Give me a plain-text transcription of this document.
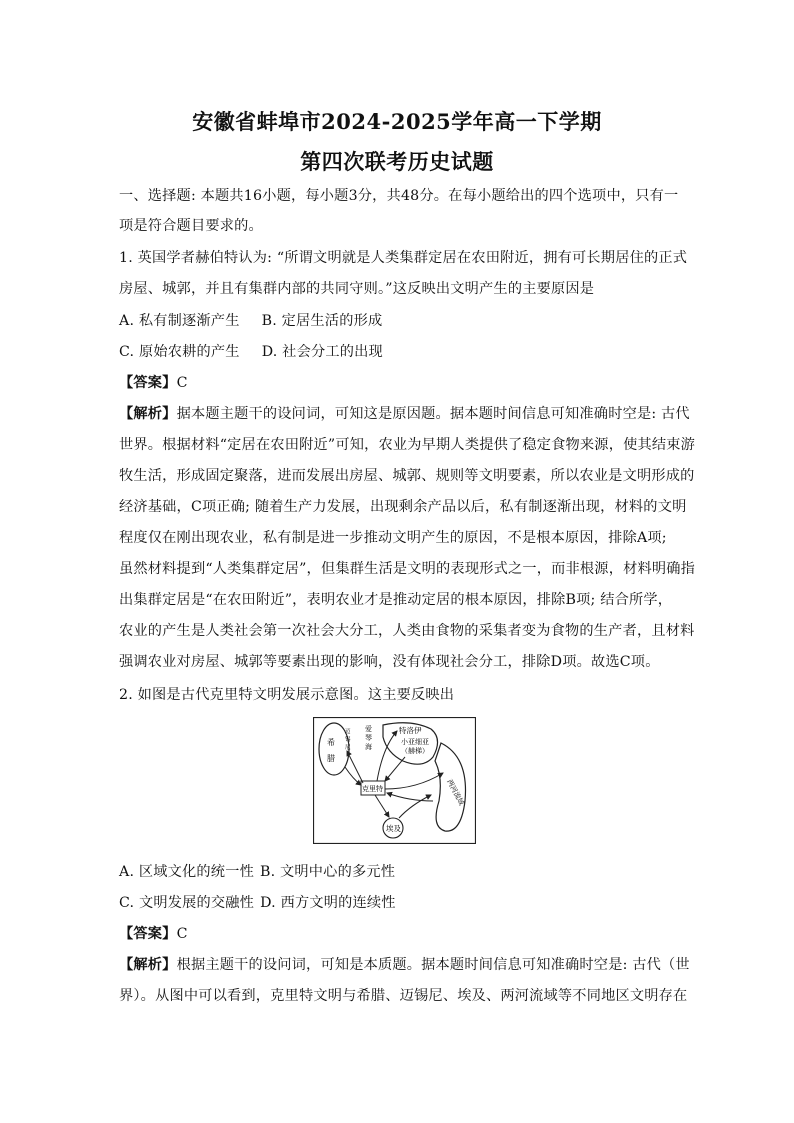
安徽省蚌埠市2024-2025学年高一下学期
第四次联考历史试题
一、选择题: 本题共16小题，每小题3分，共48分。在每小题给出的四个选项中，只有一
项是符合题目要求的。
1. 英国学者赫伯特认为: “所谓文明就是人类集群定居在农田附近，拥有可长期居住的正式
房屋、城郭，并且有集群内部的共同守则。”这反映出文明产生的主要原因是
A. 私有制逐渐产生 B. 定居生活的形成
C. 原始农耕的产生 D. 社会分工的出现
【答案】C
【解析】据本题主题干的设问词，可知这是原因题。据本题时间信息可知准确时空是: 古代
世界。根据材料“定居在农田附近”可知，农业为早期人类提供了稳定食物来源，使其结束游
牧生活，形成固定聚落，进而发展出房屋、城郭、规则等文明要素，所以农业是文明形成的
经济基础，C项正确; 随着生产力发展，出现剩余产品以后，私有制逐渐出现，材料的文明
程度仅在刚出现农业，私有制是进一步推动文明产生的原因，不是根本原因，排除A项;
虽然材料提到“人类集群定居”，但集群生活是文明的表现形式之一，而非根源，材料明确指
出集群定居是“在农田附近”，表明农业才是推动定居的根本原因，排除B项; 结合所学，
农业的产生是人类社会第一次社会大分工，人类由食物的采集者变为食物的生产者，且材料
强调农业对房屋、城郭等要素出现的影响，没有体现社会分工，排除D项。故选C项。
2. 如图是古代克里特文明发展示意图。这主要反映出
希
腊
迈
锡
尼
爱
琴
海
特洛伊
小亚细亚
（赫梯）
克里特
埃及
两河流域
A. 区域文化的统一性 B. 文明中心的多元性
C. 文明发展的交融性 D. 西方文明的连续性
【答案】C
【解析】根据主题干的设问词，可知是本质题。据本题时间信息可知准确时空是: 古代（世
界）。从图中可以看到，克里特文明与希腊、迈锡尼、埃及、两河流域等不同地区文明存在
